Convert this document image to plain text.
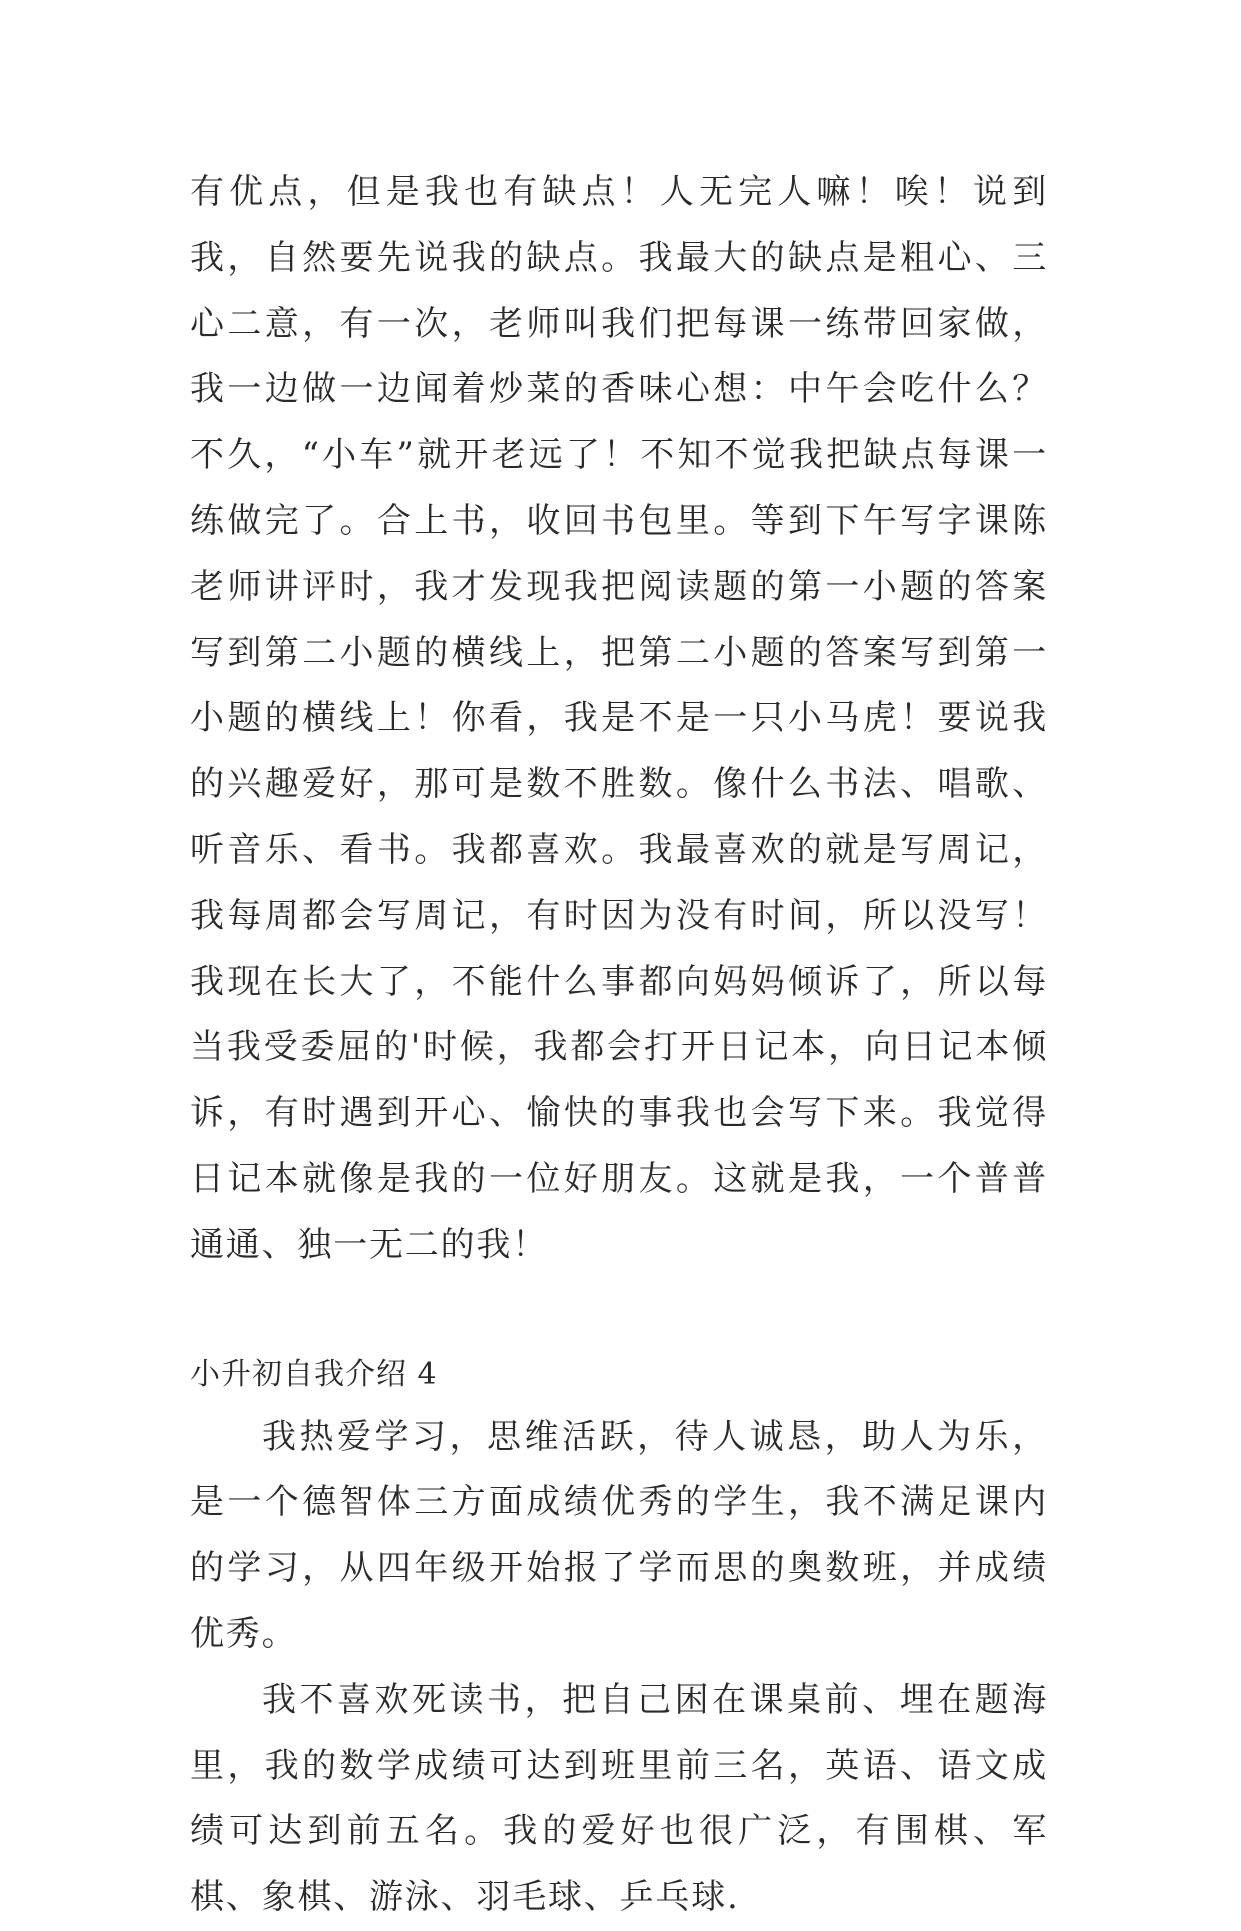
有优点，但是我也有缺点！人无完人嘛！唉！说到我，自然要先说我的缺点。我最大的缺点是粗心、三心二意，有一次，老师叫我们把每课一练带回家做，我一边做一边闻着炒菜的香味心想：中午会吃什么？不久，“小车”就开老远了！不知不觉我把缺点每课一练做完了。合上书，收回书包里。等到下午写字课陈老师讲评时，我才发现我把阅读题的第一小题的答案写到第二小题的横线上，把第二小题的答案写到第一小题的横线上！你看，我是不是一只小马虎！要说我的兴趣爱好，那可是数不胜数。像什么书法、唱歌、听音乐、看书。我都喜欢。我最喜欢的就是写周记，我每周都会写周记，有时因为没有时间，所以没写！我现在长大了，不能什么事都向妈妈倾诉了，所以每当我受委屈的'时候，我都会打开日记本，向日记本倾诉，有时遇到开心、愉快的事我也会写下来。我觉得日记本就像是我的一位好朋友。这就是我，一个普普通通、独一无二的我！

小升初自我介绍 4

我热爱学习，思维活跃，待人诚恳，助人为乐，是一个德智体三方面成绩优秀的学生，我不满足课内的学习，从四年级开始报了学而思的奥数班，并成绩优秀。

我不喜欢死读书，把自己困在课桌前、埋在题海里，我的数学成绩可达到班里前三名，英语、语文成绩可达到前五名。我的爱好也很广泛，有围棋、军棋、象棋、游泳、羽毛球、乒乓球.
